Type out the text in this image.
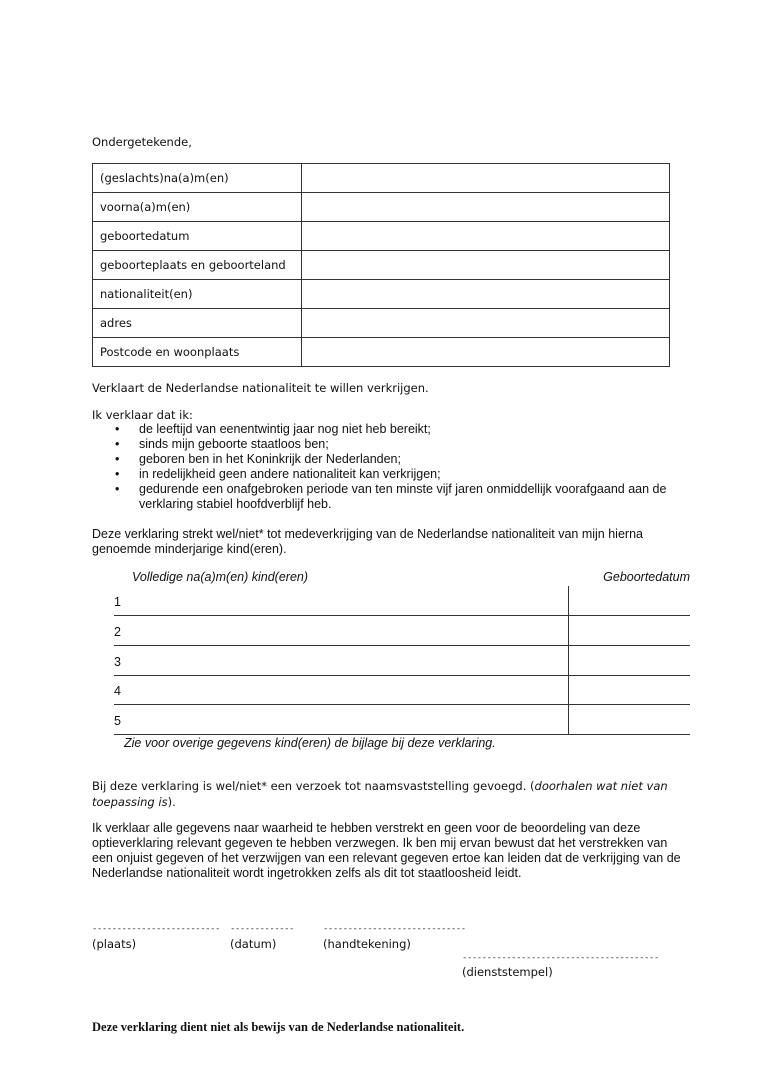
Ondergetekende,
(geslachts)na(a)m(en)	
voorna(a)m(en)	
geboortedatum	
geboorteplaats en geboorteland	
nationaliteit(en)	
adres	
Postcode en woonplaats	
Verklaart de Nederlandse nationaliteit te willen verkrijgen.
Ik verklaar dat ik:
• de leeftijd van eenentwintig jaar nog niet heb bereikt;
• sinds mijn geboorte staatloos ben;
• geboren ben in het Koninkrijk der Nederlanden;
• in redelijkheid geen andere nationaliteit kan verkrijgen;
• gedurende een onafgebroken periode van ten minste vijf jaren onmiddellijk voorafgaand aan de verklaring stabiel hoofdverblijf heb.
Deze verklaring strekt wel/niet* tot medeverkrijging van de Nederlandse nationaliteit van mijn hierna genoemde minderjarige kind(eren).
Volledige na(a)m(en) kind(eren)	Geboortedatum
1
2
3
4
5
Zie voor overige gegevens kind(eren) de bijlage bij deze verklaring.
Bij deze verklaring is wel/niet* een verzoek tot naamsvaststelling gevoegd. (doorhalen wat niet van toepassing is).
Ik verklaar alle gegevens naar waarheid te hebben verstrekt en geen voor de beoordeling van deze optieverklaring relevant gegeven te hebben verzwegen. Ik ben mij ervan bewust dat het verstrekken van een onjuist gegeven of het verzwijgen van een relevant gegeven ertoe kan leiden dat de verkrijging van de Nederlandse nationaliteit wordt ingetrokken zelfs als dit tot staatloosheid leidt.
--------------------------
(plaats)
-------------
(datum)
-----------------------------
(handtekening)
----------------------------------------
(dienststempel)
Deze verklaring dient niet als bewijs van de Nederlandse nationaliteit.
